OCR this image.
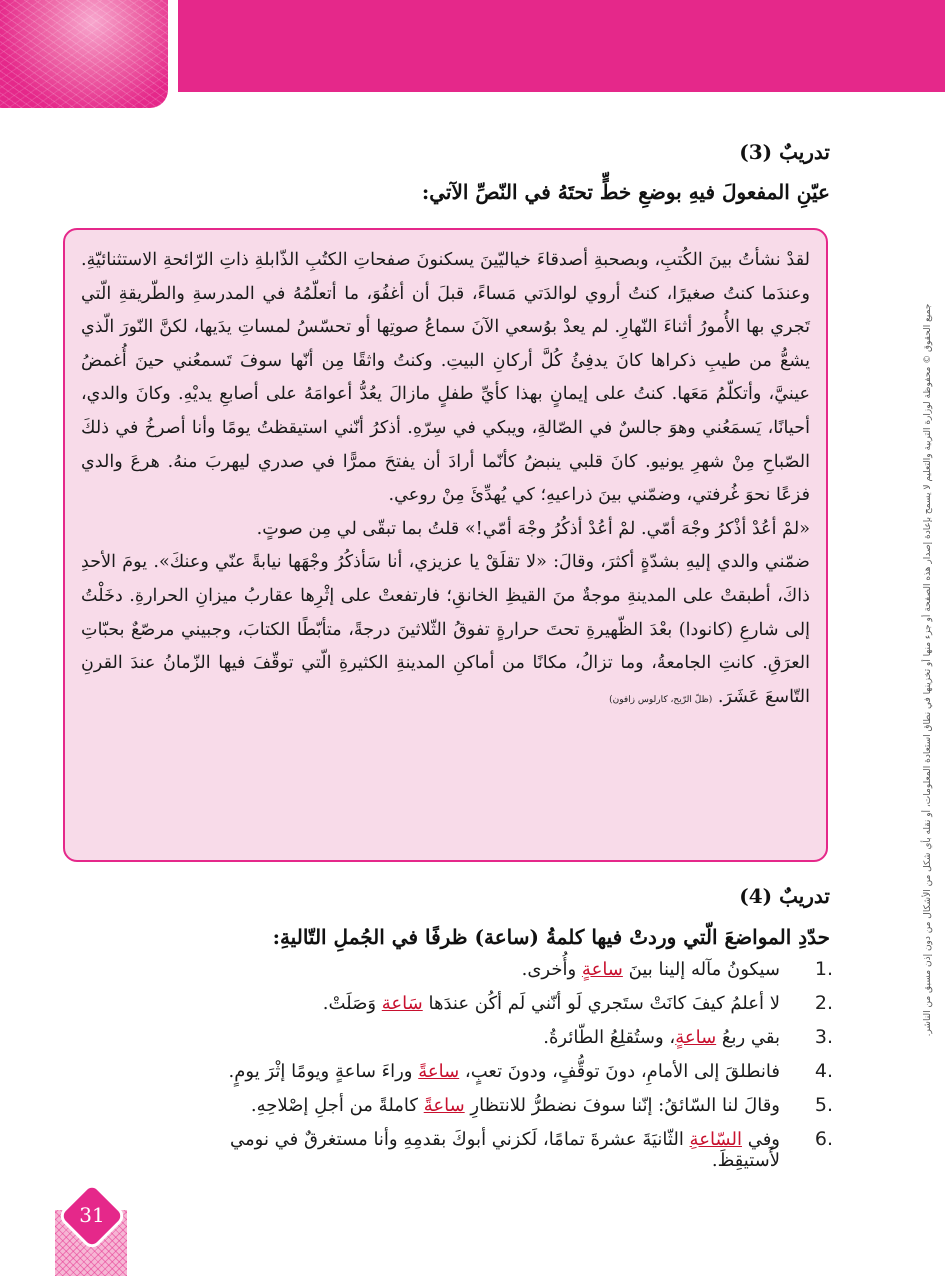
جميع الحقوق © محفوظة لوزارة التربية والتعليم لا يسمح بإعادة إصدار هذه الصفحة أو جزء منها أو تخزينها في نطاق استعادة المعلومات، أو نقله بأي شكل من الأشكال من دون إذن مسبق من الناشر.
تدريبٌ (3)
عيّنِ المفعولَ فيهِ بوضعِ خطٍّ تحتَهُ في النّصِّ الآتي:

لقدْ نشأتُ بينَ الكُتبِ، وبصحبةِ أصدقاءَ خياليّينَ يسكنونَ صفحاتِ الكتُبِ الذّابلةِ ذاتِ الرّائحةِ الاستثنائيّةِ. وعندَما كنتُ صغيرًا، كنتُ أروي لوالدَتي مَساءً، قبلَ أن أغفُوَ، ما أتعلّمُهُ في المدرسةِ والطّريقةِ الّتي تَجري بها الأُمورُ أثناءَ النّهارِ. لم يعدْ بوُسعي الآنَ سماعُ صوتِها أو تحسّسُ لمساتِ يدَيها، لكنَّ النّورَ الّذي يشعُّ من طيبِ ذكراها كانَ يدفِئُ كُلَّ أركانِ البيتِ. وكنتُ واثقًا مِن أنّها سوفَ تَسمعُني حينَ أُغمضُ عينيَّ، وأتكلّمُ مَعَها. كنتُ على إيمانٍ بهذا كأيِّ طفلٍ مازالَ يعُدُّ أعوامَهُ على أصابعِ يديْهِ. وكانَ والدي، أحيانًا، يَسمَعُني وهوَ جالسٌ في الصّالةِ، ويبكي في سِرّهِ. أذكرُ أنّني استيقظتُ يومًا وأنا أصرخُ في ذلكَ الصّباحِ مِنْ شهرِ يونيو. كانَ قلبي ينبضُ كأنّما أرادَ أن يفتحَ ممرًّا في صدري ليهربَ منهُ. هرعَ والدي فزعًا نحوَ غُرفتي، وضمّني بينَ ذراعيهِ؛ كي يُهدِّئَ مِنْ روعي.

«لمْ أعُدْ أذْكرُ وجْهَ أمّي. لمْ أعُدْ أذكُرُ وجْهَ أمّي!» قلتُ بما تبقّى لي مِن صوتٍ.

ضمّني والدي إليهِ بشدّةٍ أكثرَ، وقالَ: «لا تقلَقْ يا عزيزي، أنا سَأذكُرُ وجْهَها نيابةً عنّي وعنكَ». يومَ الأحدِ ذاكَ، أطبقتْ على المدينةِ موجةٌ منَ القيظِ الخانقِ؛ فارتفعتْ على إثْرِها عقاربُ ميزانِ الحرارةِ. دخَلْتُ إلى شارعِ (كانودا) بعْدَ الظّهيرةِ تحتَ حرارةٍ تفوقُ الثّلاثينَ درجةً، متأبّطًا الكتابَ، وجبيني مرصّعٌ بحبّاتِ العرَقِ. كانتِ الجامعةُ، وما تزالُ، مكانًا من أماكنِ المدينةِ الكثيرةِ الّتي توقّفَ فيها الزّمانُ عندَ القرنِ التّاسعَ عَشَرَ. (ظلّ الرّيح، كارلوس زافون)

تدريبٌ (4)
حدّدِ المواضعَ الّتي وردتْ فيها كلمةُ (ساعة) ظرفًا في الجُملِ التّاليةِ:
1.
سيكونُ مآله إلينا بينَ ساعةٍ وأُخرى.
2.
لا أعلمُ كيفَ كانَتْ ستَجري لَو أنّني لَم أكُن عندَها سَاعة وَصَلَتْ.
3.
بقي ربعُ ساعةٍ، وستُقلِعُ الطّائرةُ.
4.
فانطلقَ إلى الأمامِ، دونَ توقُّفٍ، ودونَ تعبٍ، ساعةً وراءَ ساعةٍ ويومًا إثْرَ يومٍ.
5.
وقالَ لنا السّائقُ: إنّنا سوفَ نضطرُّ للانتظارِ ساعةً كاملةً من أجلِ إصْلاحِهِ.
6.
وفي السّاعةِ الثّانيَةَ عشرةَ تمامًا، لَكزني أبوكَ بقدمِهِ وأنا مستغرقٌ في نومي لأَستيقِظَ.
31
